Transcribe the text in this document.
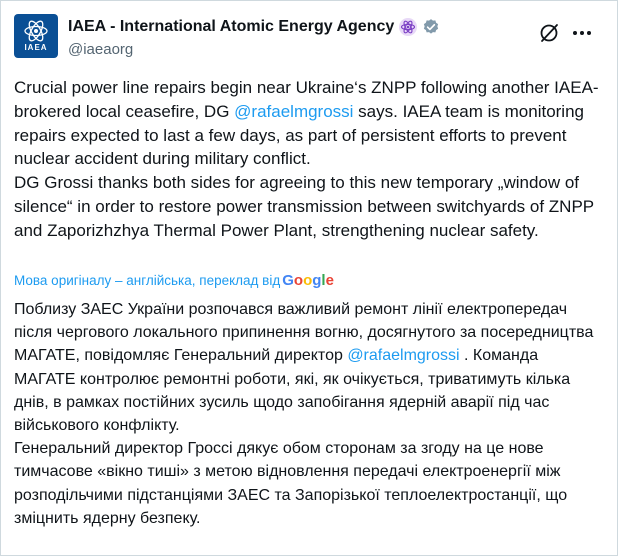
IAEA
IAEA - International Atomic Energy Agency
@iaeaorg

Crucial power line repairs begin near Ukraine‘s ZNPP following another IAEA-brokered local ceasefire, DG @rafaelmgrossi says. IAEA team is monitoring repairs expected to last a few days, as part of persistent efforts to prevent nuclear accident during military conflict.

DG Grossi thanks both sides for agreeing to this new temporary „window of silence“ in order to restore power transmission between switchyards of ZNPP and Zaporizhzhya Thermal Power Plant, strengthening nuclear safety.

Мова оригіналу – англійська, переклад від Google

Поблизу ЗАЕС України розпочався важливий ремонт лінії електропередач після чергового локального припинення вогню, досягнутого за посередництва МАГАТЕ, повідомляє Генеральний директор @rafaelmgrossi . Команда МАГАТЕ контролює ремонтні роботи, які, як очікується, триватимуть кілька днів, в рамках постійних зусиль щодо запобігання ядерній аварії під час військового конфлікту.

Генеральний директор Гроссі дякує обом сторонам за згоду на це нове тимчасове «вікно тиші» з метою відновлення передачі електроенергії між розподільчими підстанціями ЗАЕС та Запорізької теплоелектростанції, що зміцнить ядерну безпеку.
